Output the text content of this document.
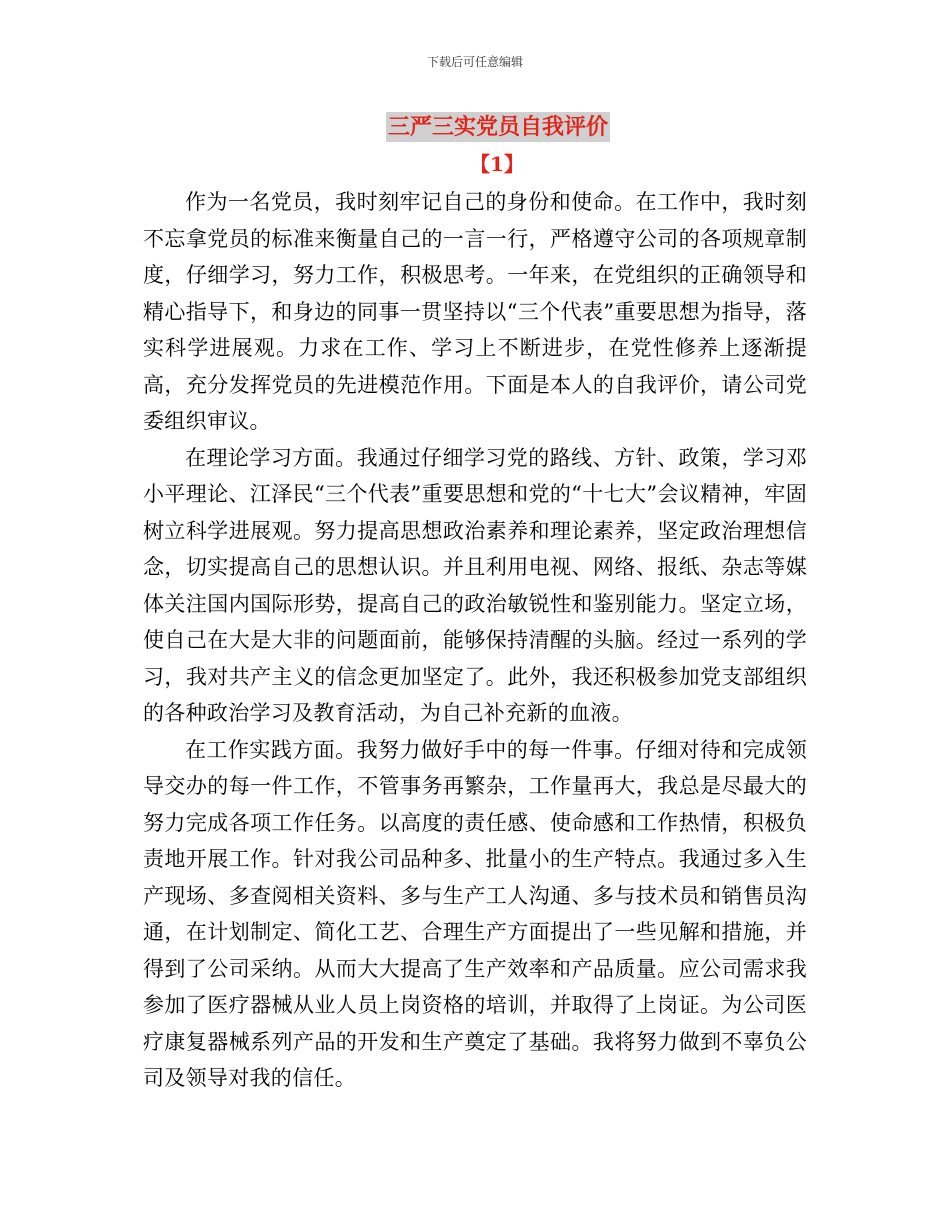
下载后可任意编辑
三严三实党员自我评价
【1】

作为一名党员，我时刻牢记自己的身份和使命。在工作中，我时刻不忘拿党员的标准来衡量自己的一言一行，严格遵守公司的各项规章制度，仔细学习，努力工作，积极思考。一年来，在党组织的正确领导和精心指导下，和身边的同事一贯坚持以“三个代表”重要思想为指导，落实科学进展观。力求在工作、学习上不断进步，在党性修养上逐渐提高，充分发挥党员的先进模范作用。下面是本人的自我评价，请公司党委组织审议。

在理论学习方面。我通过仔细学习党的路线、方针、政策，学习邓小平理论、江泽民“三个代表”重要思想和党的“十七大”会议精神，牢固树立科学进展观。努力提高思想政治素养和理论素养，坚定政治理想信念，切实提高自己的思想认识。并且利用电视、网络、报纸、杂志等媒体关注国内国际形势，提高自己的政治敏锐性和鉴别能力。坚定立场，使自己在大是大非的问题面前，能够保持清醒的头脑。经过一系列的学习，我对共产主义的信念更加坚定了。此外，我还积极参加党支部组织的各种政治学习及教育活动，为自己补充新的血液。

在工作实践方面。我努力做好手中的每一件事。仔细对待和完成领导交办的每一件工作，不管事务再繁杂，工作量再大，我总是尽最大的努力完成各项工作任务。以高度的责任感、使命感和工作热情，积极负责地开展工作。针对我公司品种多、批量小的生产特点。我通过多入生产现场、多查阅相关资料、多与生产工人沟通、多与技术员和销售员沟通，在计划制定、简化工艺、合理生产方面提出了一些见解和措施，并得到了公司采纳。从而大大提高了生产效率和产品质量。应公司需求我参加了医疗器械从业人员上岗资格的培训，并取得了上岗证。为公司医疗康复器械系列产品的开发和生产奠定了基础。我将努力做到不辜负公司及领导对我的信任。
